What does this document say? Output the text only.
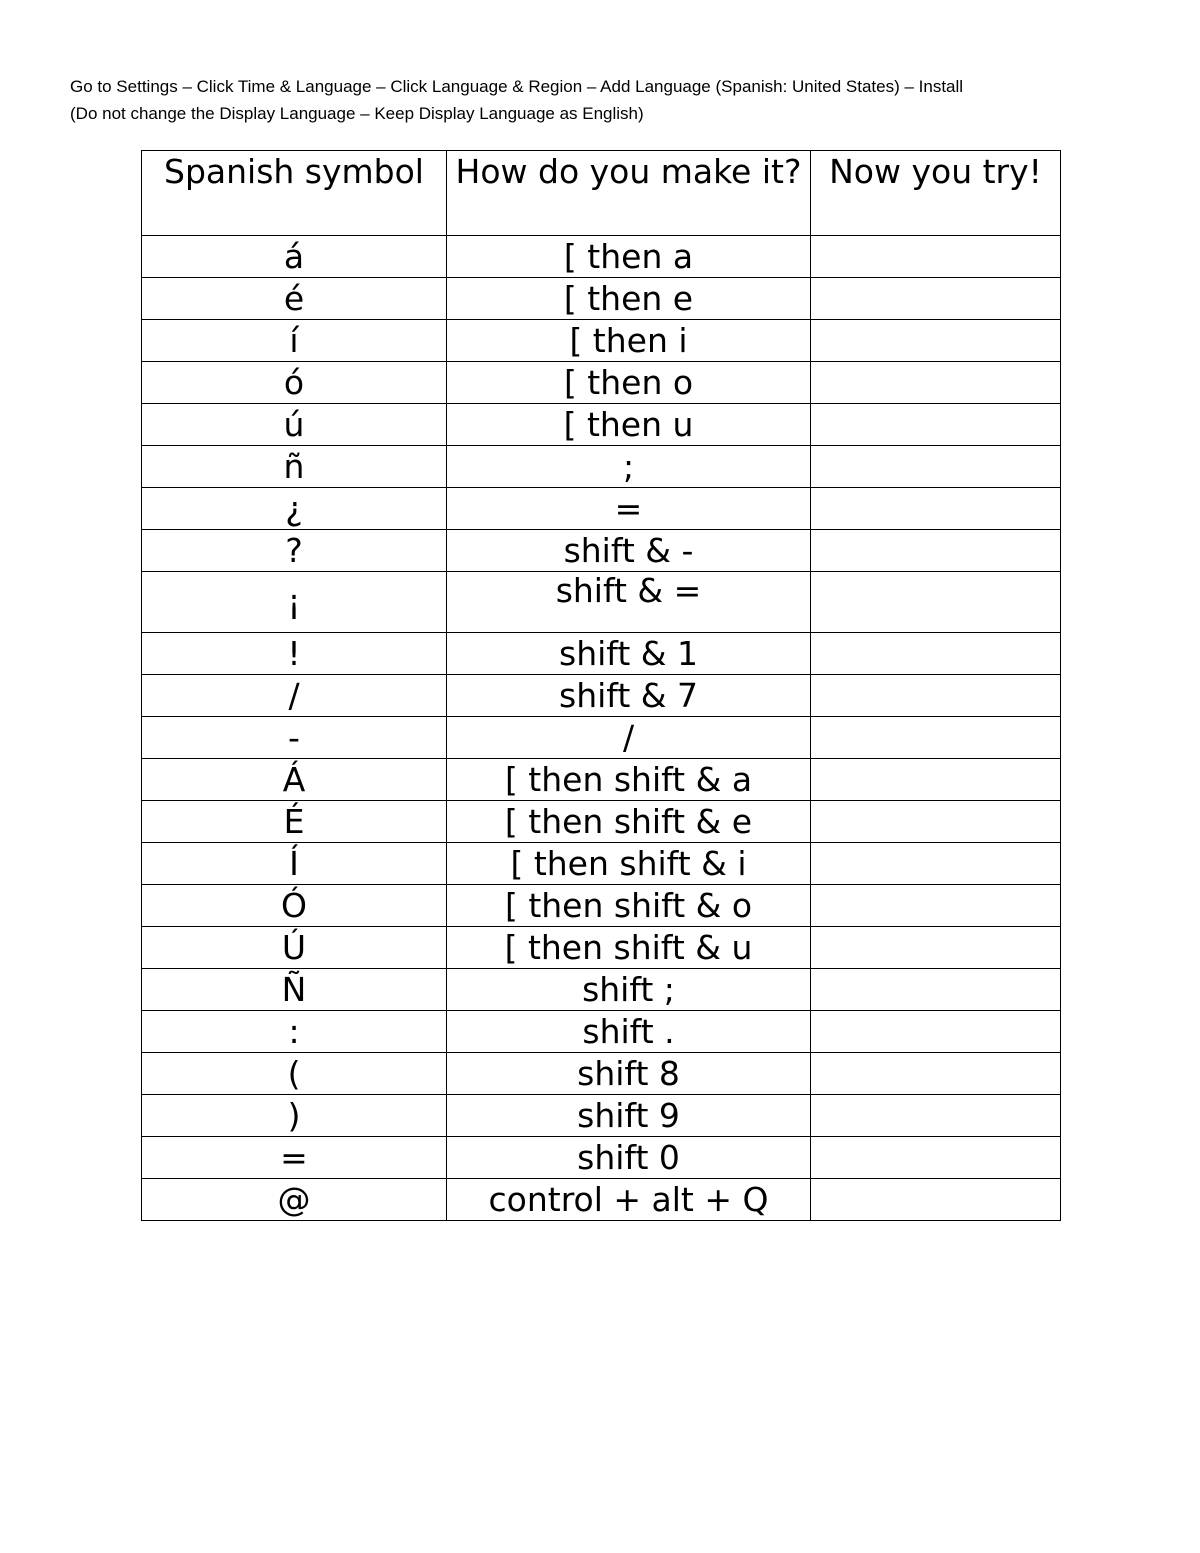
Go to Settings – Click Time & Language – Click Language & Region – Add Language (Spanish: United States) – Install
(Do not change the Display Language – Keep Display Language as English)
Spanish symbol	How do you make it?	Now you try!
á	[ then a	
é	[ then e	
í	[ then i	
ó	[ then o	
ú	[ then u	
ñ	;	
¿	=	
?	shift & -	
¡	shift & =	
!	shift & 1	
/	shift & 7	
-	/	
Á	[ then shift & a	
É	[ then shift & e	
Í	[ then shift & i	
Ó	[ then shift & o	
Ú	[ then shift & u	
Ñ	shift ;	
:	shift .	
(	shift 8	
)	shift 9	
=	shift 0	
@	control + alt + Q	
